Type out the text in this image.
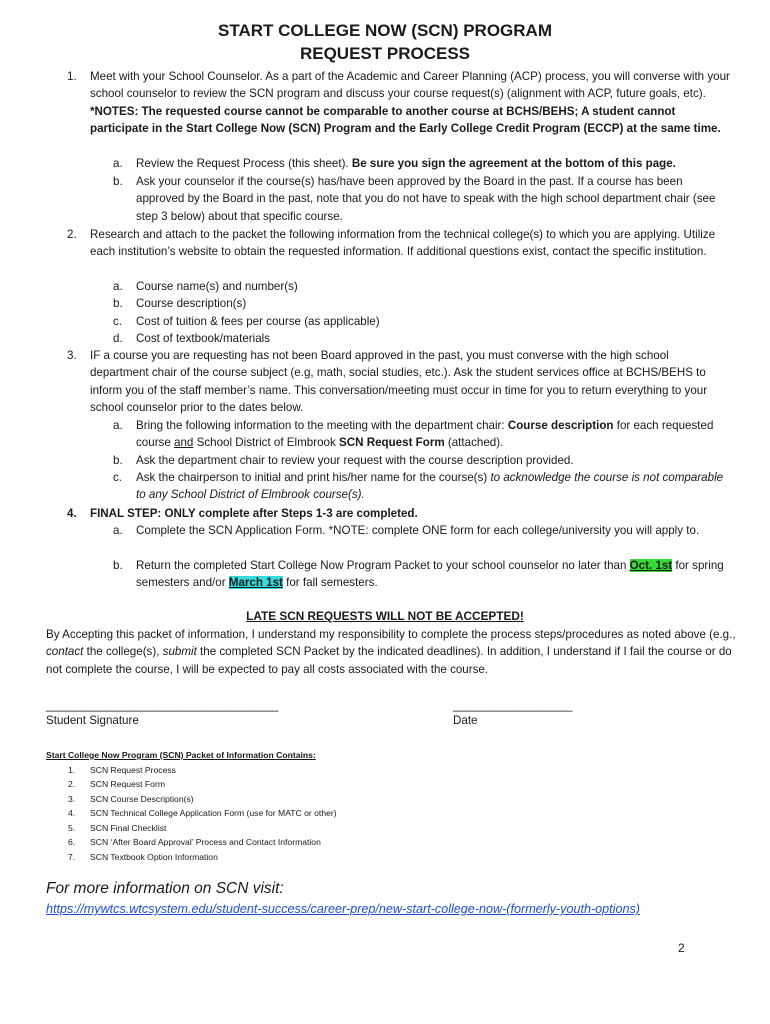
START COLLEGE NOW (SCN) PROGRAM
REQUEST PROCESS
1. Meet with your School Counselor. As a part of the Academic and Career Planning (ACP) process, you will converse with your school counselor to review the SCN program and discuss your course request(s) (alignment with ACP, future goals, etc). *NOTES: The requested course cannot be comparable to another course at BCHS/BEHS; A student cannot participate in the Start College Now (SCN) Program and the Early College Credit Program (ECCP) at the same time.
a. Review the Request Process (this sheet). Be sure you sign the agreement at the bottom of this page.
b. Ask your counselor if the course(s) has/have been approved by the Board in the past. If a course has been approved by the Board in the past, note that you do not have to speak with the high school department chair (see step 3 below) about that specific course.
2. Research and attach to the packet the following information from the technical college(s) to which you are applying. Utilize each institution’s website to obtain the requested information. If additional questions exist, contact the specific institution.
a. Course name(s) and number(s)
b. Course description(s)
c. Cost of tuition & fees per course (as applicable)
d. Cost of textbook/materials
3. IF a course you are requesting has not been Board approved in the past, you must converse with the high school department chair of the course subject (e.g, math, social studies, etc.). Ask the student services office at BCHS/BEHS to inform you of the staff member’s name. This conversation/meeting must occur in time for you to return everything to your school counselor prior to the dates below.
a. Bring the following information to the meeting with the department chair: Course description for each requested course and School District of Elmbrook SCN Request Form (attached).
b. Ask the department chair to review your request with the course description provided.
c. Ask the chairperson to initial and print his/her name for the course(s) to acknowledge the course is not comparable to any School District of Elmbrook course(s).
4. FINAL STEP: ONLY complete after Steps 1-3 are completed.
a. Complete the SCN Application Form. *NOTE: complete ONE form for each college/university you will apply to.
b. Return the completed Start College Now Program Packet to your school counselor no later than Oct. 1st for spring semesters and/or March 1st for fall semesters.
LATE SCN REQUESTS WILL NOT BE ACCEPTED!
By Accepting this packet of information, I understand my responsibility to complete the process steps/procedures as noted above (e.g., contact the college(s), submit the completed SCN Packet by the indicated deadlines). In addition, I understand if I fail the course or do not complete the course, I will be expected to pay all costs associated with the course.
_______________________________________	____________________
Student Signature	Date
Start College Now Program (SCN) Packet of Information Contains:
1. SCN Request Process
2. SCN Request Form
3. SCN Course Description(s)
4. SCN Technical College Application Form (use for MATC or other)
5. SCN Final Checklist
6. SCN ‘After Board Approval’ Process and Contact Information
7. SCN Textbook Option Information
For more information on SCN visit:
https://mywtcs.wtcsystem.edu/student-success/career-prep/new-start-college-now-(formerly-youth-options)
2
